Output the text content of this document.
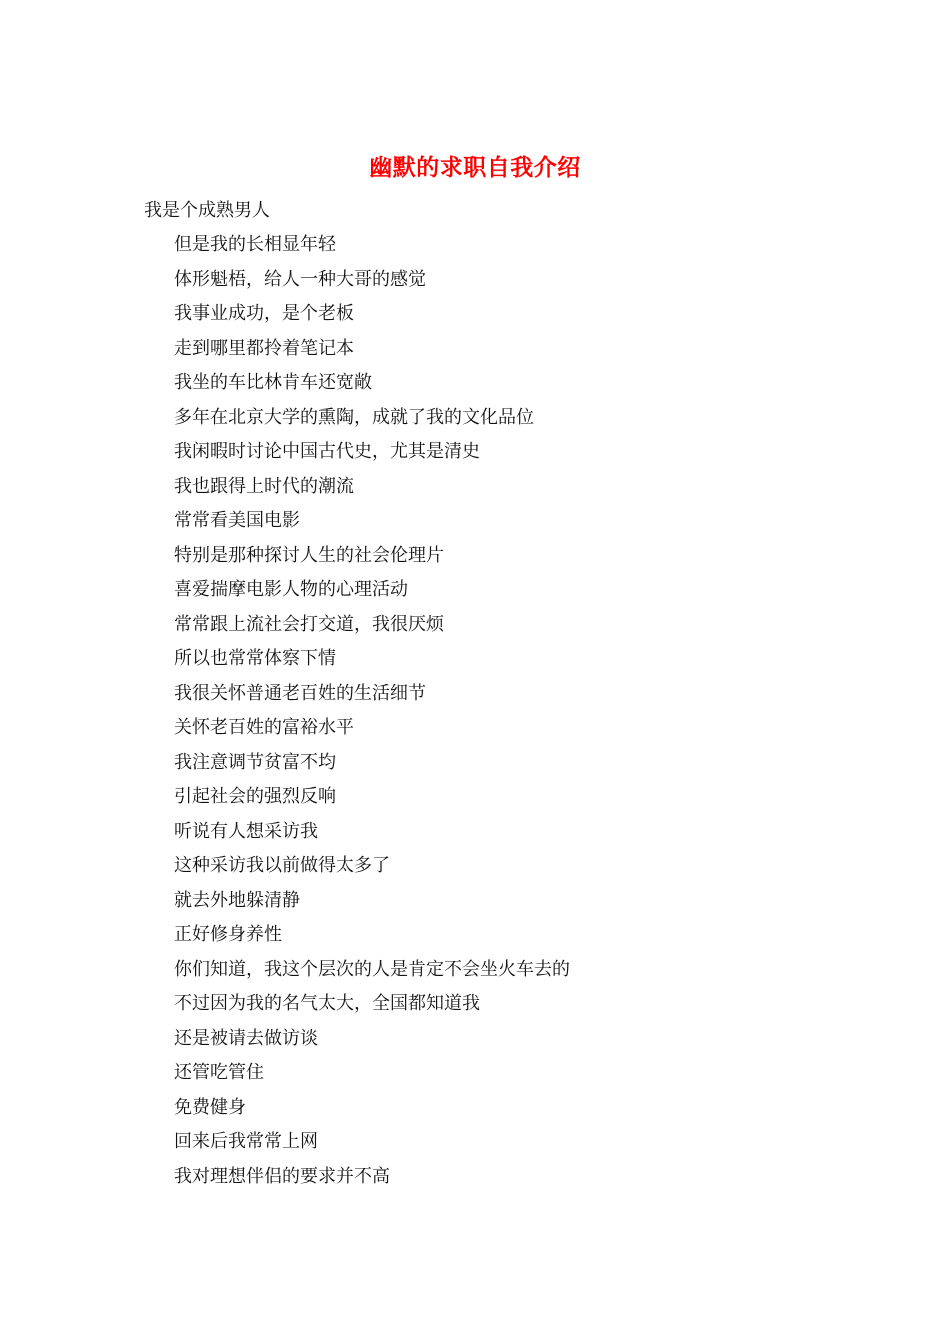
幽默的求职自我介绍
我是个成熟男人
但是我的长相显年轻
体形魁梧，给人一种大哥的感觉
我事业成功，是个老板
走到哪里都拎着笔记本
我坐的车比林肯车还宽敞
多年在北京大学的熏陶，成就了我的文化品位
我闲暇时讨论中国古代史，尤其是清史
我也跟得上时代的潮流
常常看美国电影
特别是那种探讨人生的社会伦理片
喜爱揣摩电影人物的心理活动
常常跟上流社会打交道，我很厌烦
所以也常常体察下情
我很关怀普通老百姓的生活细节
关怀老百姓的富裕水平
我注意调节贫富不均
引起社会的强烈反响
听说有人想采访我
这种采访我以前做得太多了
就去外地躲清静
正好修身养性
你们知道，我这个层次的人是肯定不会坐火车去的
不过因为我的名气太大，全国都知道我
还是被请去做访谈
还管吃管住
免费健身
回来后我常常上网
我对理想伴侣的要求并不高
